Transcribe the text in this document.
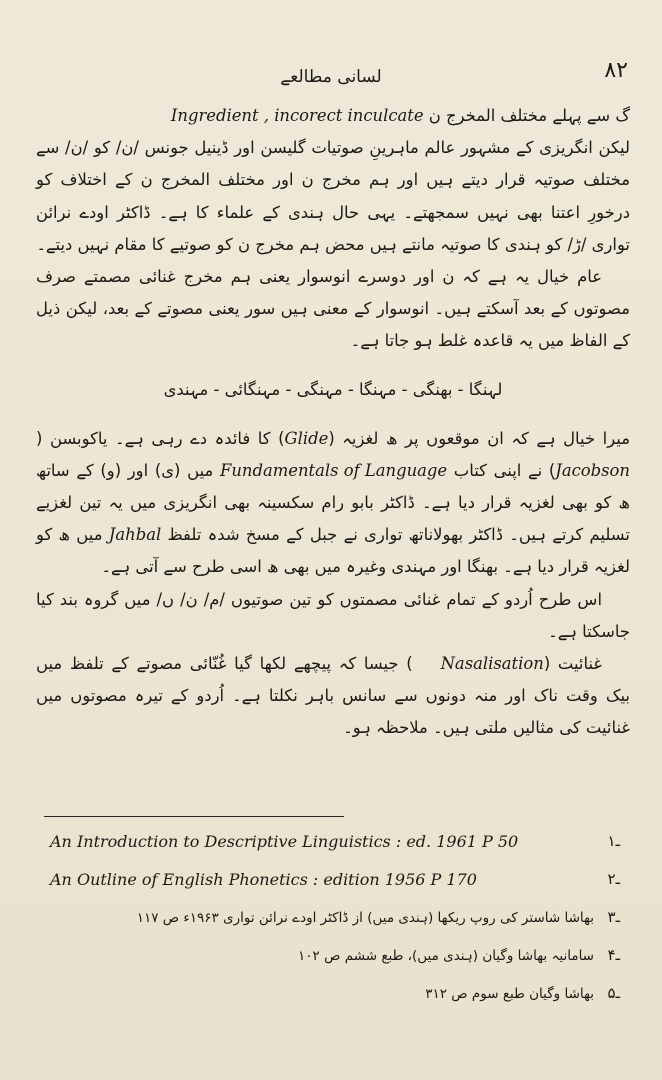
لسانی مطالعے	۸۲

گ سے پہلے مختلف المخرج ن Ingredient , incorect inculcate

لیکن انگریزی کے مشہور عالم ماہرینِ صوتیات گلیسن اور ڈینیل جونس /ن/ کو /ن/ سے مختلف صوتیہ قرار دیتے ہیں اور ہم مخرج ن اور مختلف المخرج ن کے اختلاف کو درخورِ اعتنا بھی نہیں سمجھتے۔ یہی حال ہندی کے علماء کا ہے۔ ڈاکٹر اودے نرائن تواری /ڑ/ کو ہندی کا صوتیہ مانتے ہیں محض ہم مخرج ن کو صوتیے کا مقام نہیں دیتے۔

عام خیال یہ ہے کہ ن اور دوسرے انوسوار یعنی ہم مخرج غنائی مصمتے صرف مصوتوں کے بعد آسکتے ہیں۔ انوسوار کے معنی ہیں سور یعنی مصوتے کے بعد، لیکن ذیل کے الفاظ میں یہ قاعدہ غلط ہو جاتا ہے۔

لہنگا - بھنگی - مہنگا - مہنگی - مہنگائی - مہندی

میرا خیال ہے کہ ان موقعوں پر ھ لغزیہ (Glide) کا فائدہ دے رہی ہے۔ یاکوبسن (Jacobson) نے اپنی کتاب Fundamentals of Language میں (ی) اور (و) کے ساتھ ھ کو بھی لغزیہ قرار دیا ہے۔ ڈاکٹر بابو رام سکسینہ بھی انگریزی میں یہ تین لغزیے تسلیم کرتے ہیں۔ ڈاکٹر بھولاناتھ تواری نے جبل کے مسخ شدہ تلفظ Jahbal میں ھ کو لغزیہ قرار دیا ہے۔ بھنگا اور مہندی وغیرہ میں بھی ھ اسی طرح سے آتی ہے۔

اس طرح اُردو کے تمام غنائی مصمتوں کو تین صوتیوں /م/ ن/ ں/ میں گروہ بند کیا جاسکتا ہے۔

غنائیت (Nasalisation) جیسا کہ پیچھے لکھا گیا غُنّائی مصوتے کے تلفظ میں بیک وقت ناک اور منہ دونوں سے سانس باہر نکلتا ہے۔ اُردو کے تیرہ مصوتوں میں غنائیت کی مثالیں ملتی ہیں۔ ملاحظہ ہو۔

۱ـ
An Introduction to Descriptive Linguistics : ed. 1961 P 50
۲ـ
An Outline of English Phonetics : edition 1956 P 170
۳ـ
بھاشا شاستر کی روپ ریکھا (ہندی میں) از ڈاکٹر اودے نرائن تواری ۱۹۶۳ء ص ۱۱۷
۴ـ
سامانیہ بھاشا وگیان (ہندی میں)، طبع ششم ص ۱۰۲
۵ـ
بھاشا وگیان طبع سوم ص ۳۱۲
